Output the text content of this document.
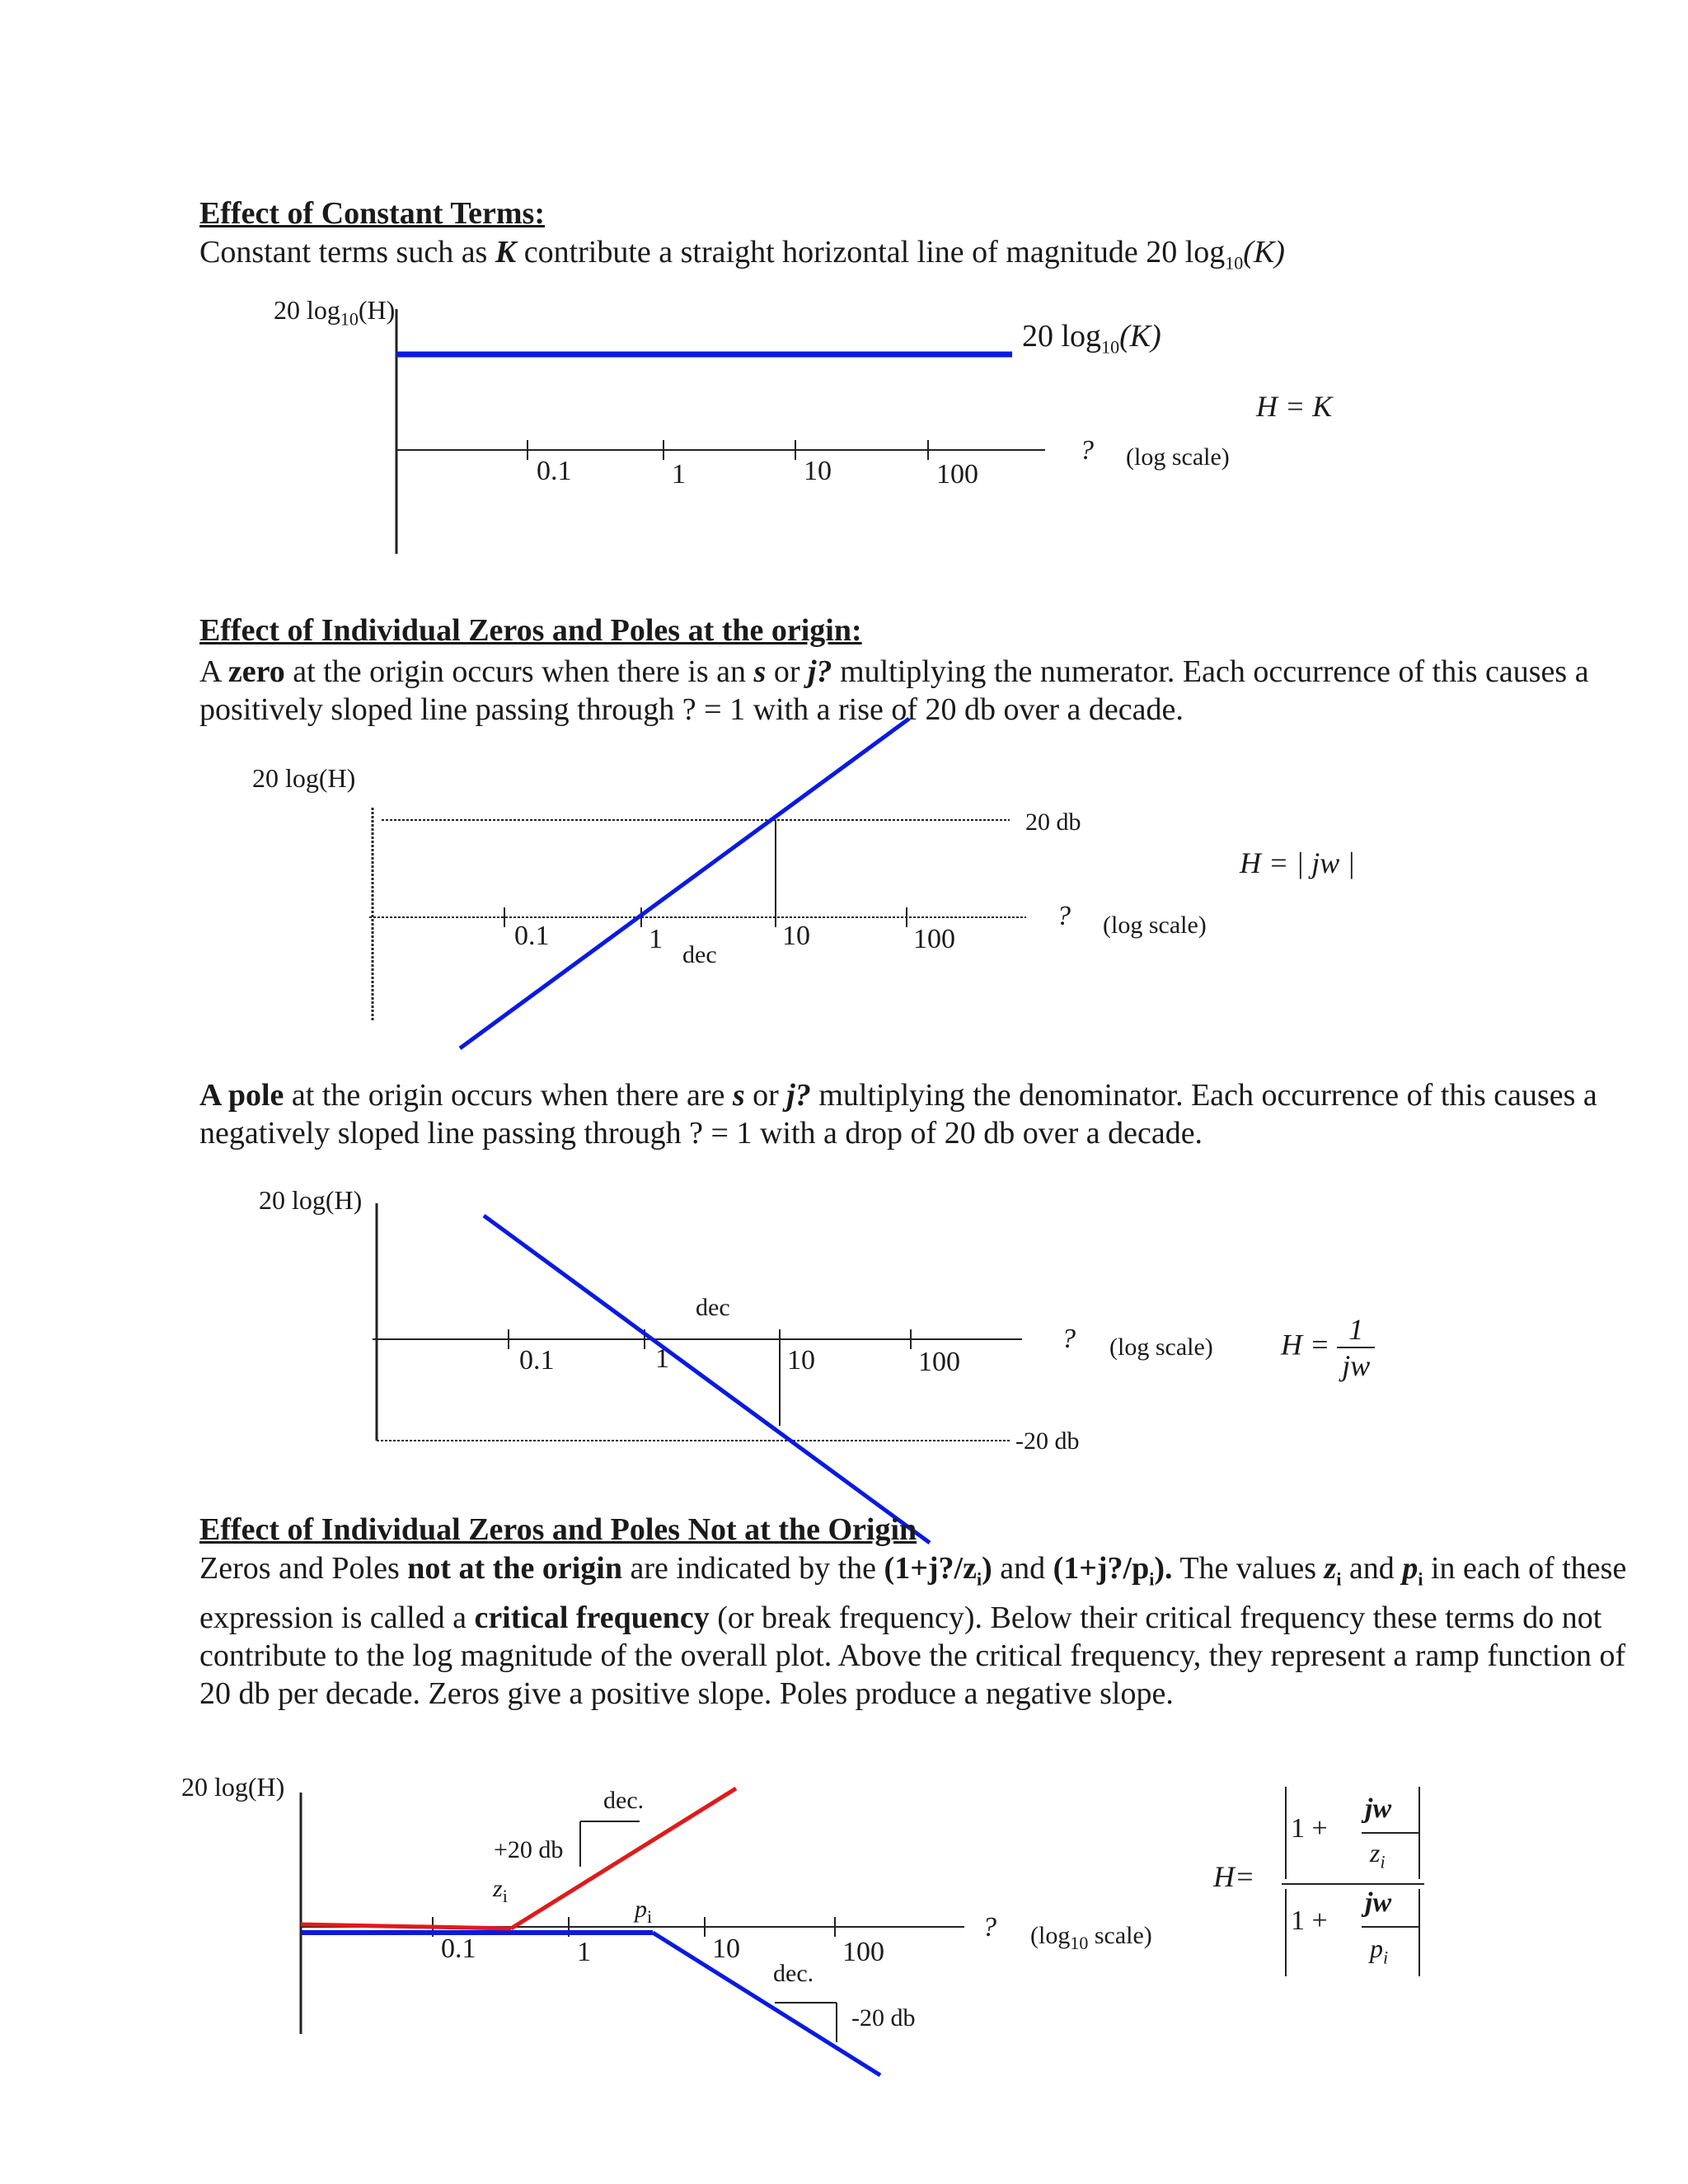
Effect of Constant Terms:
Constant terms such as K contribute a straight horizontal line of magnitude 20 $\log_{10}(K)$
20 $\log_{10}(H)$
20 $\log_{10}(K)$
H = K
0.1	1	10	100
? (log scale)
Effect of Individual Zeros and Poles at the origin:
A zero at the origin occurs when there is an s or j? multiplying the numerator. Each occurrence of this causes a positively sloped line passing through ? = 1 with a rise of 20 db over a decade.
20 log(H)
20 db
H = | jw |
0.1	1
dec
10	100
? (log scale)
A pole at the origin occurs when there are s or j? multiplying the denominator. Each occurrence of this causes a negatively sloped line passing through ? = 1 with a drop of 20 db over a decade.
20 log(H)
-20 db
dec
0.1	1	10	100
? (log scale) $H = \frac{1}{jw}$
Effect of Individual Zeros and Poles Not at the Origin
Zeros and Poles not at the origin are indicated by the $(1+j?/z_i)$ and $(1+j?/p_i)$. The values $z_i$ and $p_i$ in each of these expression is called a critical frequency (or break frequency). Below their critical frequency these terms do not contribute to the log magnitude of the overall plot. Above the critical frequency, they represent a ramp function of 20 db per decade. Zeros give a positive slope. Poles produce a negative slope.
20 log(H)	dec.
+20 db
$z_i$	$p_i$
0.1	1	10	100
dec.
-20 db
? ($\log_{10}$ scale)
H=
1 +
jw
$z_i$
1 +
jw
$p_i$
